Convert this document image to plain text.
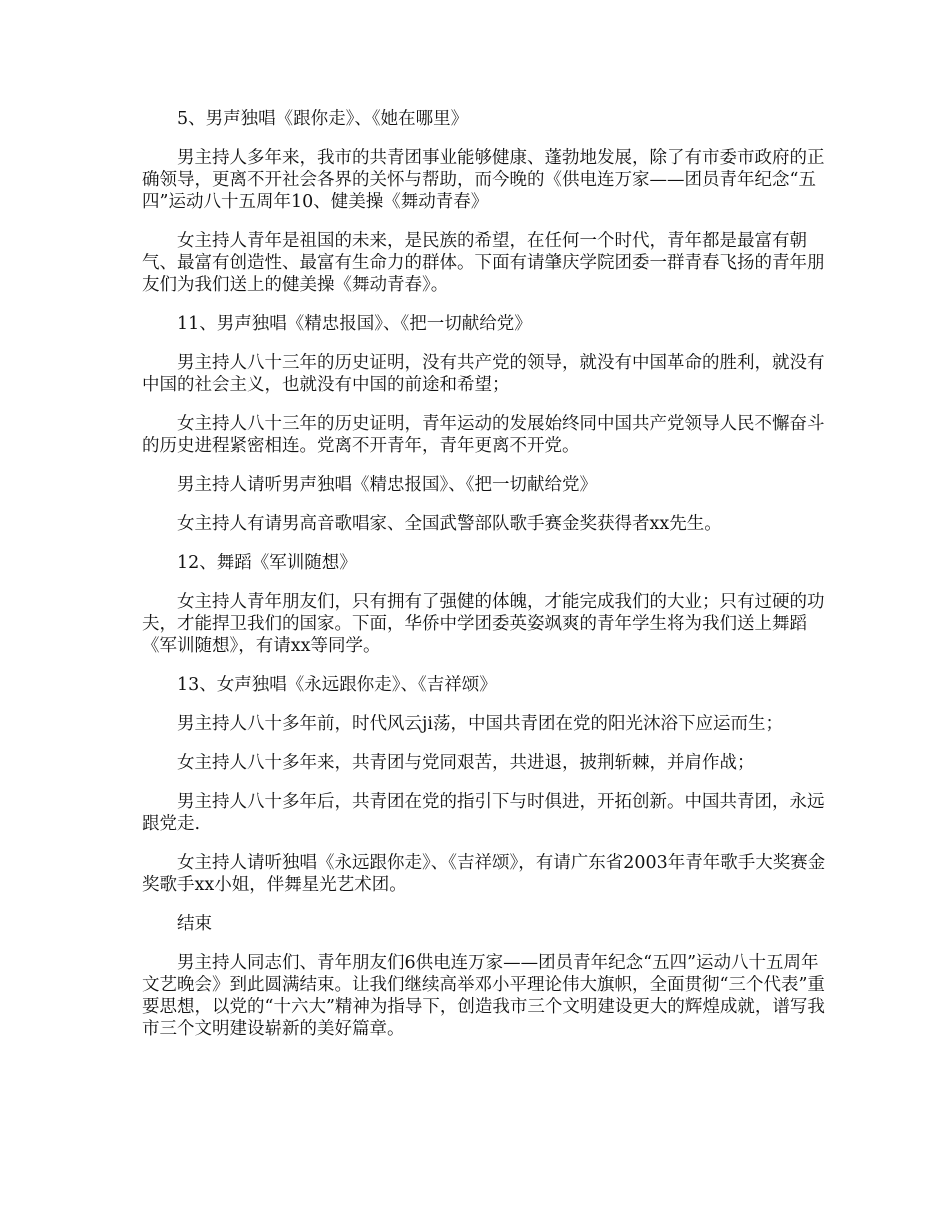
5、男声独唱《跟你走》、《她在哪里》

男主持人多年来，我市的共青团事业能够健康、蓬勃地发展，除了有市委市政府的正确领导，更离不开社会各界的关怀与帮助，而今晚的《供电连万家——团员青年纪念“五四”运动八十五周年10、健美操《舞动青春》

女主持人青年是祖国的未来，是民族的希望，在任何一个时代，青年都是最富有朝气、最富有创造性、最富有生命力的群体。下面有请肇庆学院团委一群青春飞扬的青年朋友们为我们送上的健美操《舞动青春》。

11、男声独唱《精忠报国》、《把一切献给党》

男主持人八十三年的历史证明，没有共产党的领导，就没有中国革命的胜利，就没有中国的社会主义，也就没有中国的前途和希望；

女主持人八十三年的历史证明，青年运动的发展始终同中国共产党领导人民不懈奋斗的历史进程紧密相连。党离不开青年，青年更离不开党。

男主持人请听男声独唱《精忠报国》、《把一切献给党》

女主持人有请男高音歌唱家、全国武警部队歌手赛金奖获得者xx先生。

12、舞蹈《军训随想》

女主持人青年朋友们，只有拥有了强健的体魄，才能完成我们的大业；只有过硬的功夫，才能捍卫我们的国家。下面，华侨中学团委英姿飒爽的青年学生将为我们送上舞蹈《军训随想》，有请xx等同学。

13、女声独唱《永远跟你走》、《吉祥颂》

男主持人八十多年前，时代风云ji荡，中国共青团在党的阳光沐浴下应运而生；

女主持人八十多年来，共青团与党同艰苦，共进退，披荆斩棘，并肩作战；

男主持人八十多年后，共青团在党的指引下与时俱进，开拓创新。中国共青团，永远跟党走.

女主持人请听独唱《永远跟你走》、《吉祥颂》，有请广东省2003年青年歌手大奖赛金奖歌手xx小姐，伴舞星光艺术团。

结束

男主持人同志们、青年朋友们6供电连万家——团员青年纪念“五四”运动八十五周年文艺晚会》到此圆满结束。让我们继续高举邓小平理论伟大旗帜，全面贯彻“三个代表”重要思想，以党的“十六大”精神为指导下，创造我市三个文明建设更大的辉煌成就，谱写我市三个文明建设崭新的美好篇章。
